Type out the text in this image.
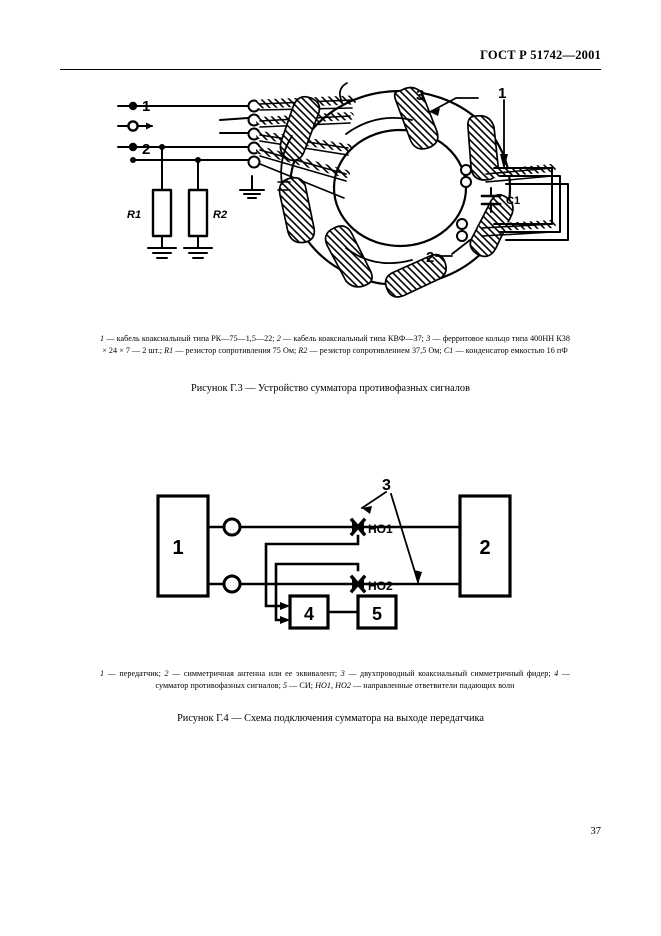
ГОСТ Р 51742—2001
1
2
R1	R2
C1
3	1
2
1 — кабель коаксиальный типа РК—75—1,5—22; 2 — кабель коаксиальный типа КВФ—37; 3 — ферритовое кольцо типа 400НН К38 × 24 × 7 — 2 шт.; R1 — резистор сопротивления 75 Ом; R2 — резистор сопротивлением 37,5 Ом; C1 — конденсатор емкостью 16 пФ
Рисунок Г.3 — Устройство сумматора противофазных сигналов
1	2
4	5
НО1
НО2
3
1 — передатчик; 2 — симметричная антенна или ее эквивалент; 3 — двухпроводный коаксиальный симметричный фидер; 4 — сумматор противофазных сигналов; 5 — СИ; НО1, НО2 — направленные ответвители падающих волн
Рисунок Г.4 — Схема подключения сумматора на выходе передатчика
37
